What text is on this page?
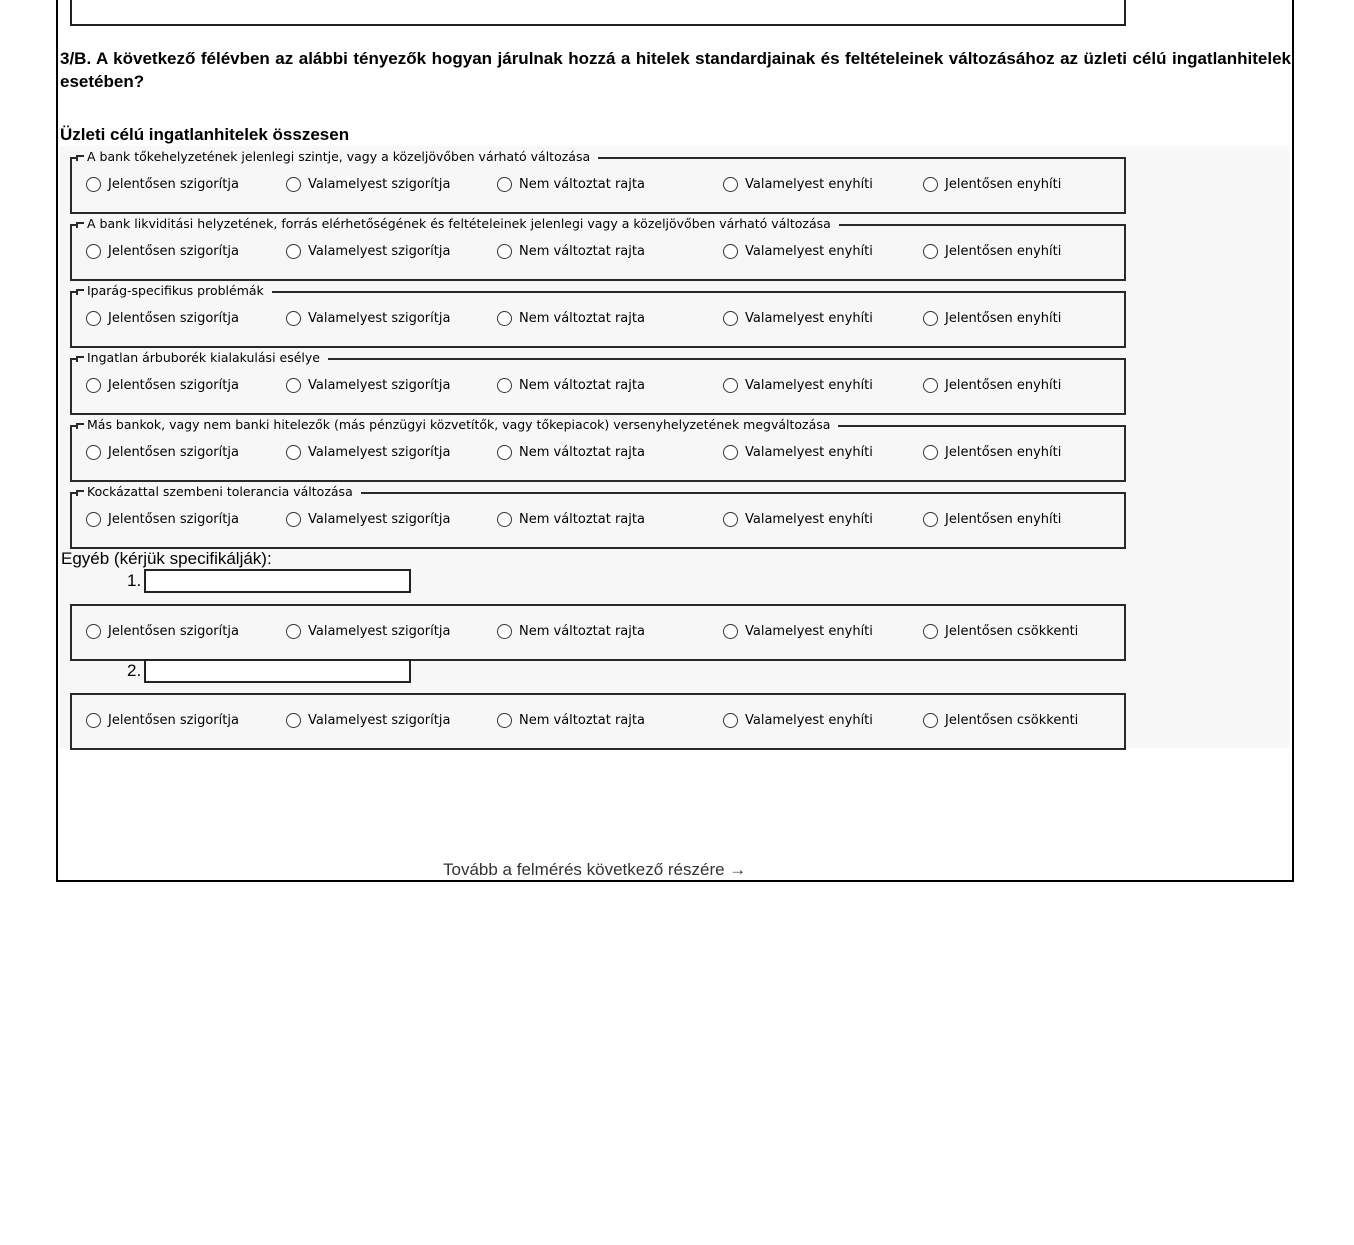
3/B. A következő félévben az alábbi tényezők hogyan járulnak hozzá a hitelek standardjainak és feltételeinek változásához az üzleti célú ingatlanhitelek esetében?
Üzleti célú ingatlanhitelek összesen
A bank tőkehelyzetének jelenlegi szintje, vagy a közeljövőben várható változása
Jelentősen szigorítja	Valamelyest szigorítja	Nem változtat rajta	Valamelyest enyhíti	Jelentősen enyhíti
A bank likviditási helyzetének, forrás elérhetőségének és feltételeinek jelenlegi vagy a közeljövőben várható változása
Jelentősen szigorítja	Valamelyest szigorítja	Nem változtat rajta	Valamelyest enyhíti	Jelentősen enyhíti
Iparág-specifikus problémák
Jelentősen szigorítja	Valamelyest szigorítja	Nem változtat rajta	Valamelyest enyhíti	Jelentősen enyhíti
Ingatlan árbuborék kialakulási esélye
Jelentősen szigorítja	Valamelyest szigorítja	Nem változtat rajta	Valamelyest enyhíti	Jelentősen enyhíti
Más bankok, vagy nem banki hitelezők (más pénzügyi közvetítők, vagy tőkepiacok) versenyhelyzetének megváltozása
Jelentősen szigorítja	Valamelyest szigorítja	Nem változtat rajta	Valamelyest enyhíti	Jelentősen enyhíti
Kockázattal szembeni tolerancia változása
Jelentősen szigorítja	Valamelyest szigorítja	Nem változtat rajta	Valamelyest enyhíti	Jelentősen enyhíti
Egyéb (kérjük specifikálják):
1.
Jelentősen szigorítja	Valamelyest szigorítja	Nem változtat rajta	Valamelyest enyhíti	Jelentősen csökkenti
2.
Jelentősen szigorítja	Valamelyest szigorítja	Nem változtat rajta	Valamelyest enyhíti	Jelentősen csökkenti
Tovább a felmérés következő részére →
